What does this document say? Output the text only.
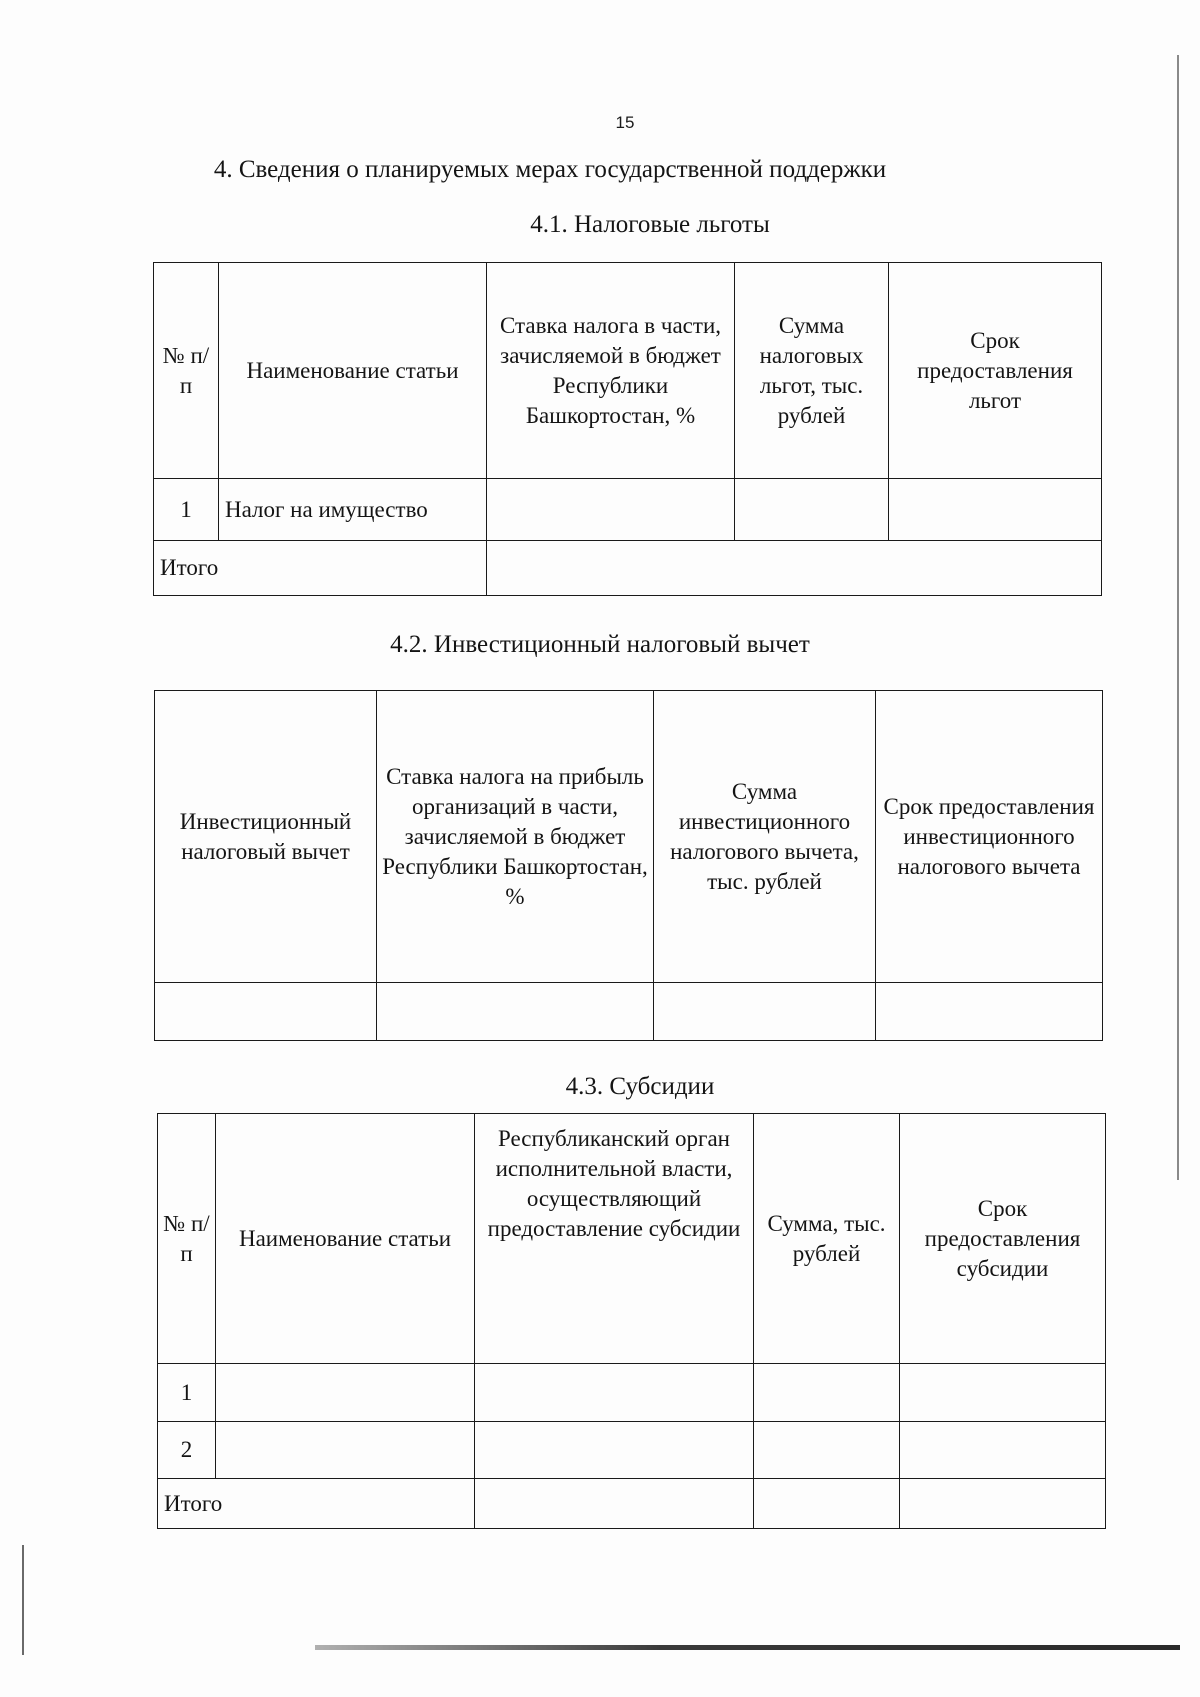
15
4. Сведения о планируемых мерах государственной поддержки
4.1. Налоговые льготы
№ п/п	Наименование статьи	Ставка налога в части, зачисляемой в бюджет Республики Башкортостан, %	Сумма налоговых льгот, тыс. рублей	Срок предоставления льгот
1	Налог на имущество			
Итого				
4.2. Инвестиционный налоговый вычет
Инвестиционный налоговый вычет	Ставка налога на прибыль организаций в части, зачисляемой в бюджет Республики Башкортостан, %	Сумма инвестиционного налогового вычета, тыс. рублей	Срок предоставления инвестиционного налогового вычета

4.3. Субсидии
№ п/п	Наименование статьи	Республиканский орган исполнительной власти, осуществляющий предоставление субсидии	Сумма, тыс. рублей	Срок предоставления субсидии
1				
2				
Итого				
